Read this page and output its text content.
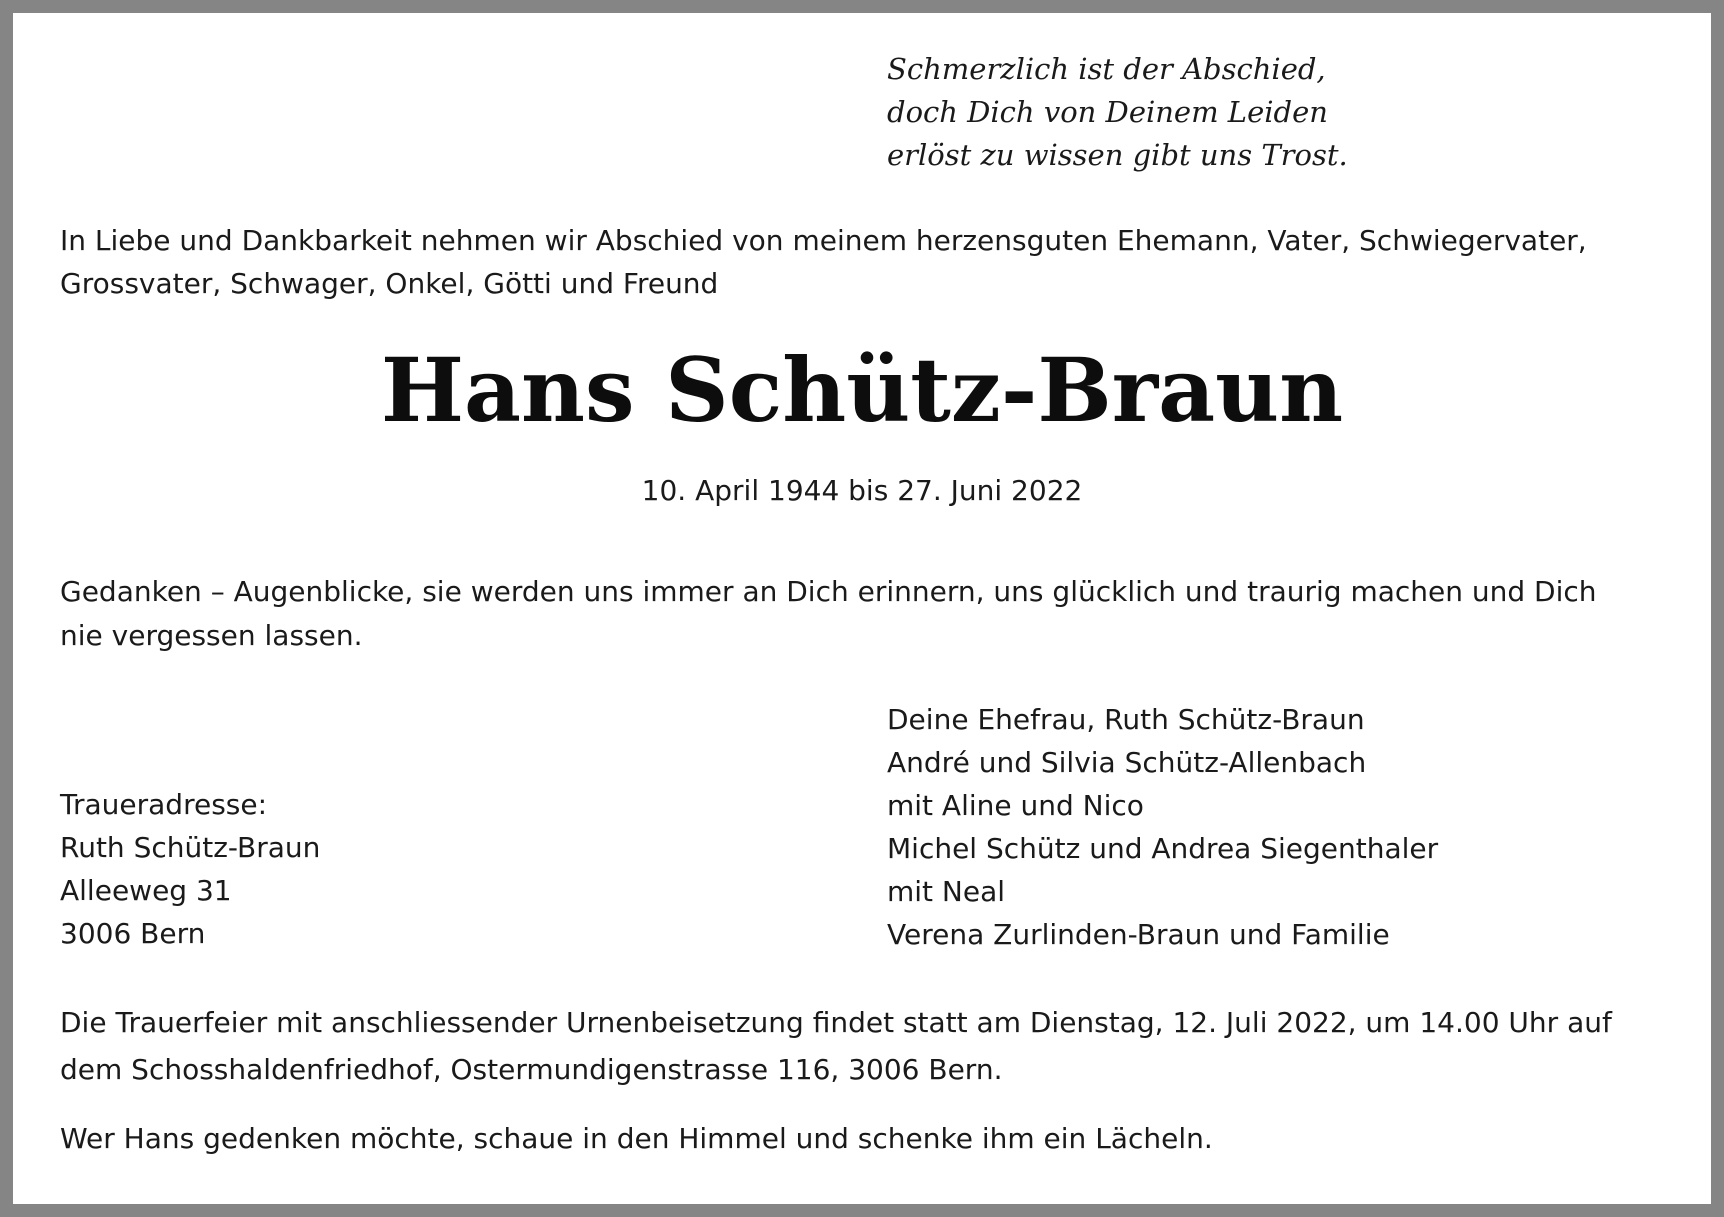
Schmerzlich ist der Abschied,
doch Dich von Deinem Leiden
erlöst zu wissen gibt uns Trost.

In Liebe und Dankbarkeit nehmen wir Abschied von meinem herzensguten Ehemann, Vater, Schwiegervater,
Grossvater, Schwager, Onkel, Götti und Freund

Hans Schütz-Braun

10. April 1944 bis 27. Juni 2022

Gedanken – Augenblicke, sie werden uns immer an Dich erinnern, uns glücklich und traurig machen und Dich
nie vergessen lassen.

Deine Ehefrau, Ruth Schütz-Braun
André und Silvia Schütz-Allenbach
mit Aline und Nico
Michel Schütz und Andrea Siegenthaler
mit Neal
Verena Zurlinden-Braun und Familie

Traueradresse:
Ruth Schütz-Braun
Alleeweg 31
3006 Bern

Die Trauerfeier mit anschliessender Urnenbeisetzung findet statt am Dienstag, 12. Juli 2022, um 14.00 Uhr auf
dem Schosshaldenfriedhof, Ostermundigenstrasse 116, 3006 Bern.

Wer Hans gedenken möchte, schaue in den Himmel und schenke ihm ein Lächeln.
